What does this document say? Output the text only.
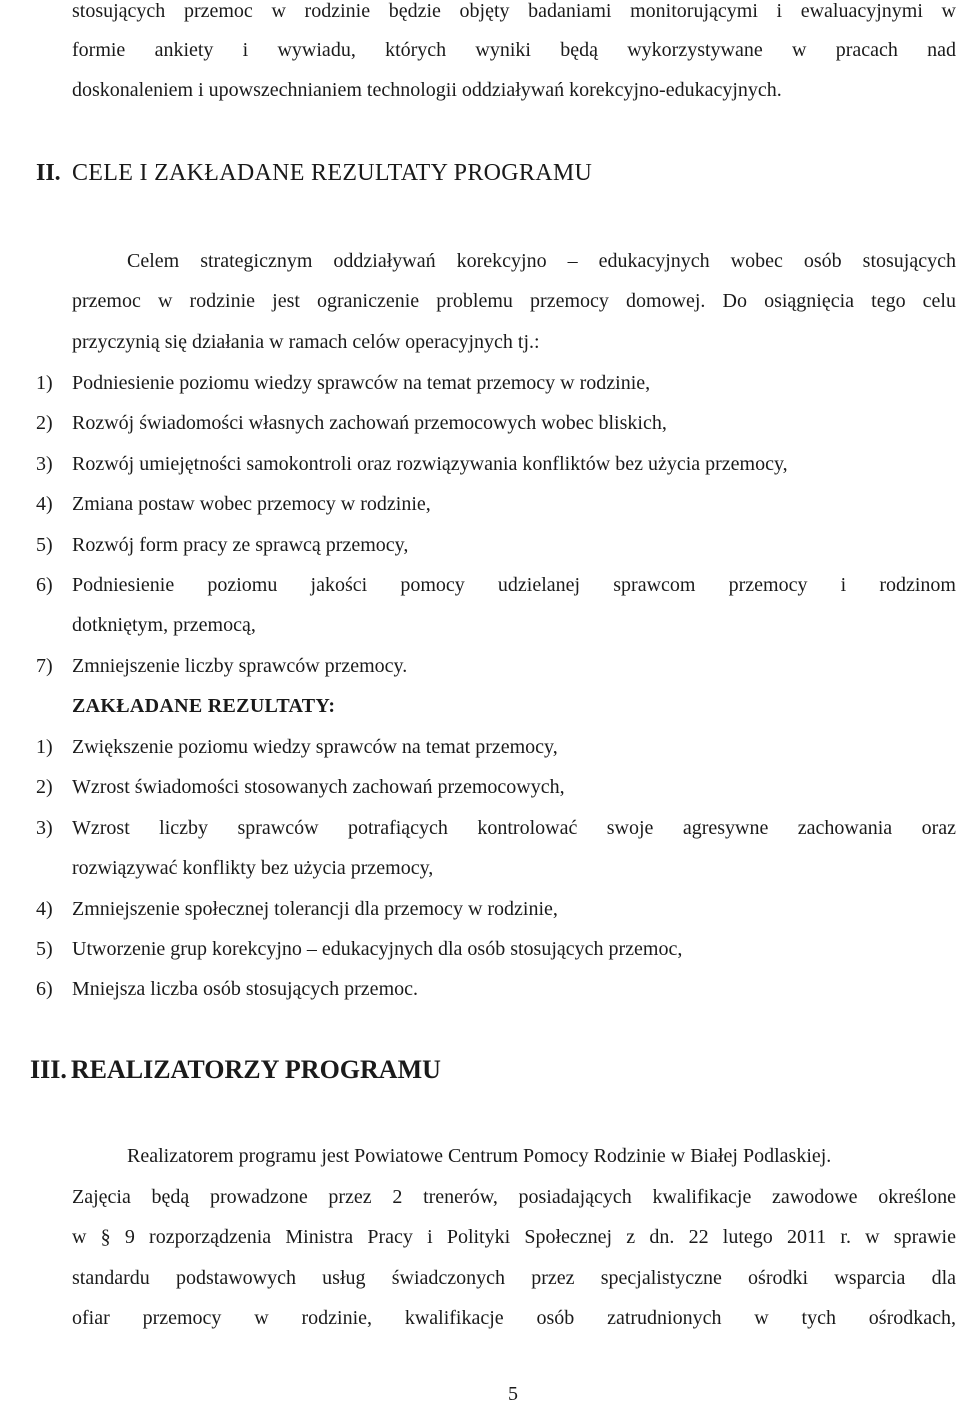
stosujących przemoc w rodzinie będzie objęty badaniami monitorującymi i ewaluacyjnymi w
formie ankiety i wywiadu, których wyniki będą wykorzystywane w pracach nad
doskonaleniem i upowszechnianiem technologii oddziaływań korekcyjno-edukacyjnych.
II. CELE I ZAKŁADANE REZULTATY PROGRAMU
Celem strategicznym oddziaływań korekcyjno – edukacyjnych wobec osób stosujących
przemoc w rodzinie jest ograniczenie problemu przemocy domowej. Do osiągnięcia tego celu
przyczynią się działania w ramach celów operacyjnych tj.:
1) Podniesienie poziomu wiedzy sprawców na temat przemocy w rodzinie,
2) Rozwój świadomości własnych zachowań przemocowych wobec bliskich,
3) Rozwój umiejętności samokontroli oraz rozwiązywania konfliktów bez użycia przemocy,
4) Zmiana postaw wobec przemocy w rodzinie,
5) Rozwój form pracy ze sprawcą przemocy,
6) Podniesienie poziomu jakości pomocy udzielanej sprawcom przemocy i rodzinom
dotkniętym, przemocą,
7) Zmniejszenie liczby sprawców przemocy.
ZAKŁADANE REZULTATY:
1) Zwiększenie poziomu wiedzy sprawców na temat przemocy,
2) Wzrost świadomości stosowanych zachowań przemocowych,
3) Wzrost liczby sprawców potrafiących kontrolować swoje agresywne zachowania oraz
rozwiązywać konflikty bez użycia przemocy,
4) Zmniejszenie społecznej tolerancji dla przemocy w rodzinie,
5) Utworzenie grup korekcyjno – edukacyjnych dla osób stosujących przemoc,
6) Mniejsza liczba osób stosujących przemoc.
III. REALIZATORZY PROGRAMU
Realizatorem programu jest Powiatowe Centrum Pomocy Rodzinie w Białej Podlaskiej.
Zajęcia będą prowadzone przez 2 trenerów, posiadających kwalifikacje zawodowe określone
w § 9 rozporządzenia Ministra Pracy i Polityki Społecznej z dn. 22 lutego 2011 r. w sprawie
standardu podstawowych usług świadczonych przez specjalistyczne ośrodki wsparcia dla
ofiar przemocy w rodzinie, kwalifikacje osób zatrudnionych w tych ośrodkach,
5
